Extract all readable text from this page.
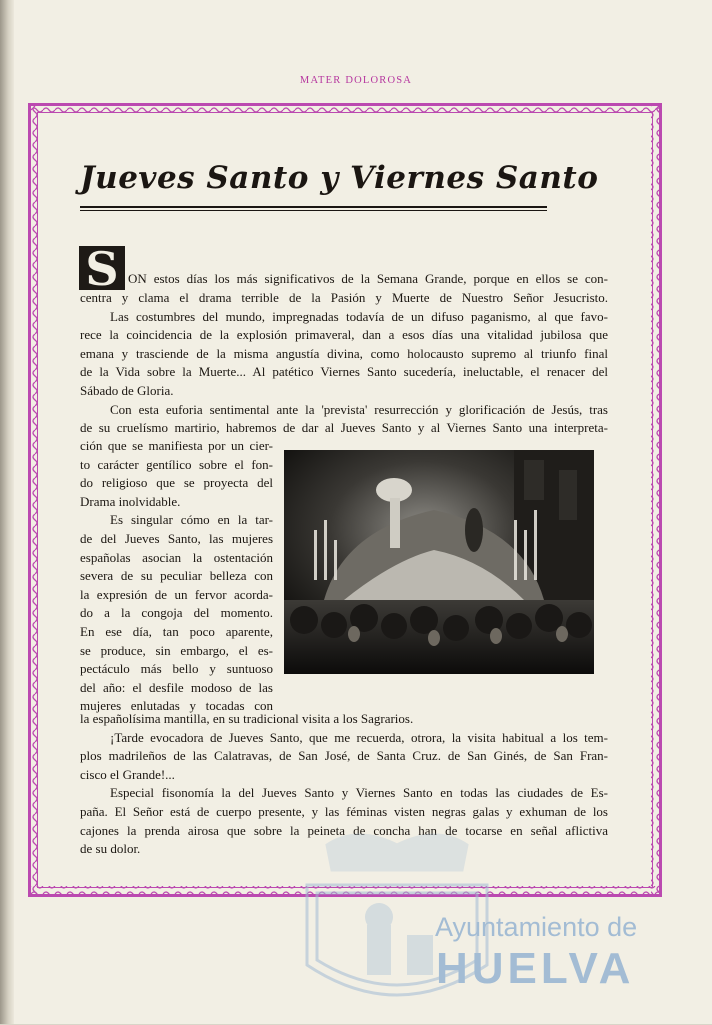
MATER DOLOROSA
Jueves Santo y Viernes Santo
S ON estos días los más significativos de la Semana Grande, porque en ellos se con-
centra y clama el drama terrible de la Pasión y Muerte de Nuestro Señor Jesucristo.
Las costumbres del mundo, impregnadas todavía de un difuso paganismo, al que favo-
rece la coincidencia de la explosión primaveral, dan a esos días una vitalidad jubilosa que
emana y trasciende de la misma angustía divina, como holocausto supremo al triunfo final
de la Vida sobre la Muerte... Al patético Viernes Santo sucedería, ineluctable, el renacer del
Sábado de Gloria.
Con esta euforia sentimental ante la 'prevista' resurrección y glorificación de Jesús, tras
de su cruelísmo martirio, habremos de dar al Jueves Santo y al Viernes Santo una interpreta-
ción que se manifiesta por un cier-
to carácter gentílico sobre el fon-
do religioso que se proyecta del
Drama inolvidable.
Es singular cómo en la tar-
de del Jueves Santo, las mujeres
españolas asocian la ostentación
severa de su peculiar belleza con
la expresión de un fervor acorda-
do a la congoja del momento.
En ese día, tan poco aparente,
se produce, sin embargo, el es-
pectáculo más bello y suntuoso
del año: el desfile modoso de las
mujeres enlutadas y tocadas con
la españolísima mantilla, en su tradicional visita a los Sagrarios.
¡Tarde evocadora de Jueves Santo, que me recuerda, otrora, la visita habitual a los tem-
plos madrileños de las Calatravas, de San José, de Santa Cruz. de San Ginés, de San Fran-
cisco el Grande!...
Especial fisonomía la del Jueves Santo y Viernes Santo en todas las ciudades de Es-
paña. El Señor está de cuerpo presente, y las féminas visten negras galas y exhuman de los
cajones la prenda airosa que sobre la peineta de concha han de tocarse en señal aflictiva
de su dolor.
Ayuntamiento de
HUELVA
